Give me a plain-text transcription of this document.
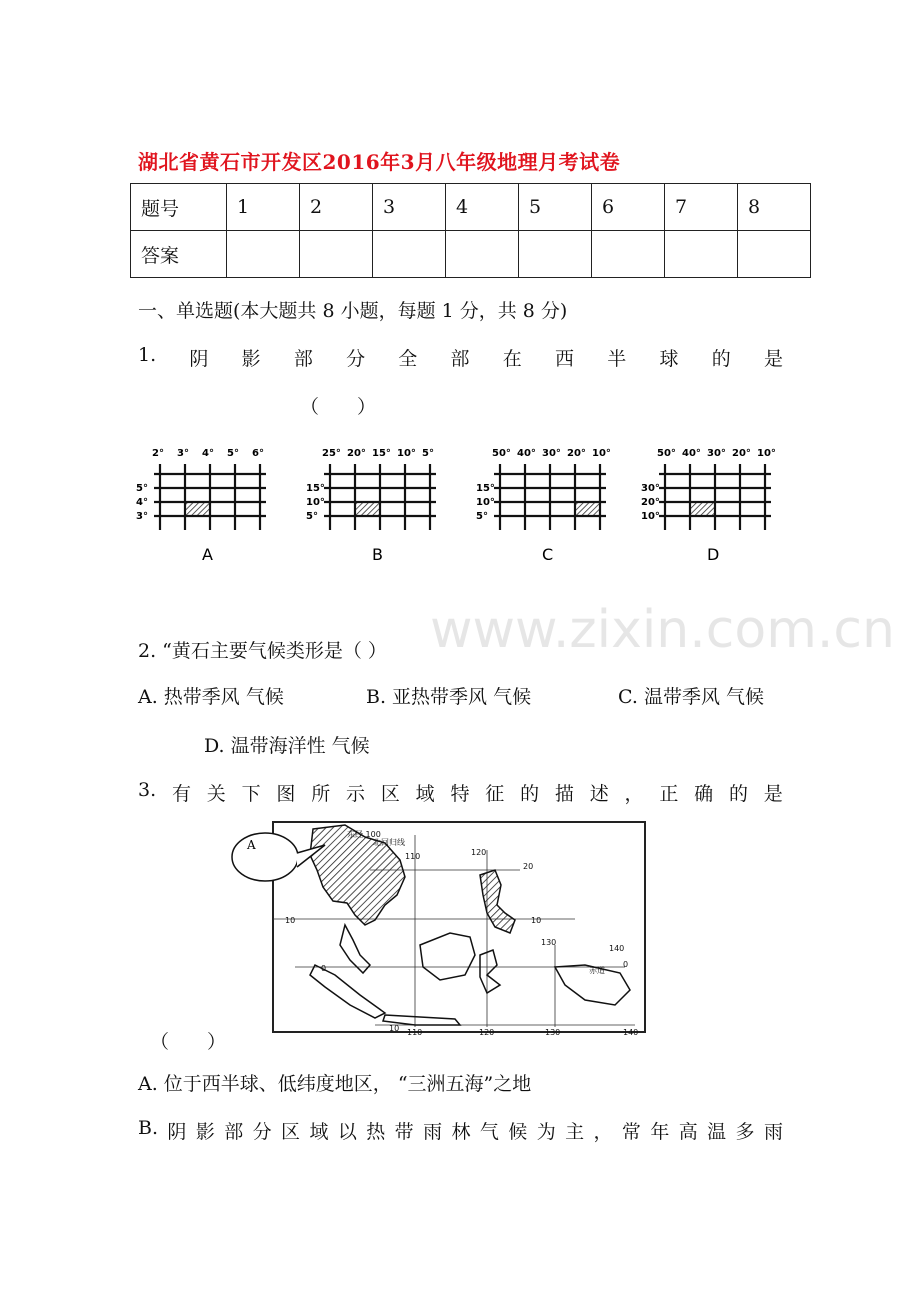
湖北省黄石市开发区2016年3月八年级地理月考试卷
题号	1	2	3	4	5	6	7	8
答案								
一、单选题(本大题共 8 小题，每题 1 分，共 8 分)
1. 阴 影 部 分 全 部 在 西 半 球 的 是
（　　）
2° 3° 4° 5° 6°
5°
4°
3°
A
25° 20° 15° 10° 5°
15°
10°
5°
B
50° 40° 30° 20° 10°
15°
10°
5°
C
50° 40° 30° 20° 10°
30°
20°
10°
D
www.zixin.com.cn
2. “黄石主要气候类形是（ ）
A. 热带季风 气候	B. 亚热带季风 气候	C. 温带季风 气候
D. 温带海洋性 气候
3. 有 关 下 图 所 示 区 域 特 征 的 描 述 ， 正 确 的 是
A
东经 100
北回归线
110	120
20
10	10
130
140
赤道
0	0
10 110	120	130	140
（　　）
A. 位于西半球、低纬度地区， “三洲五海”之地
B. 阴 影 部 分 区 域 以 热 带 雨 林 气 候 为 主 ， 常 年 高 温 多 雨
